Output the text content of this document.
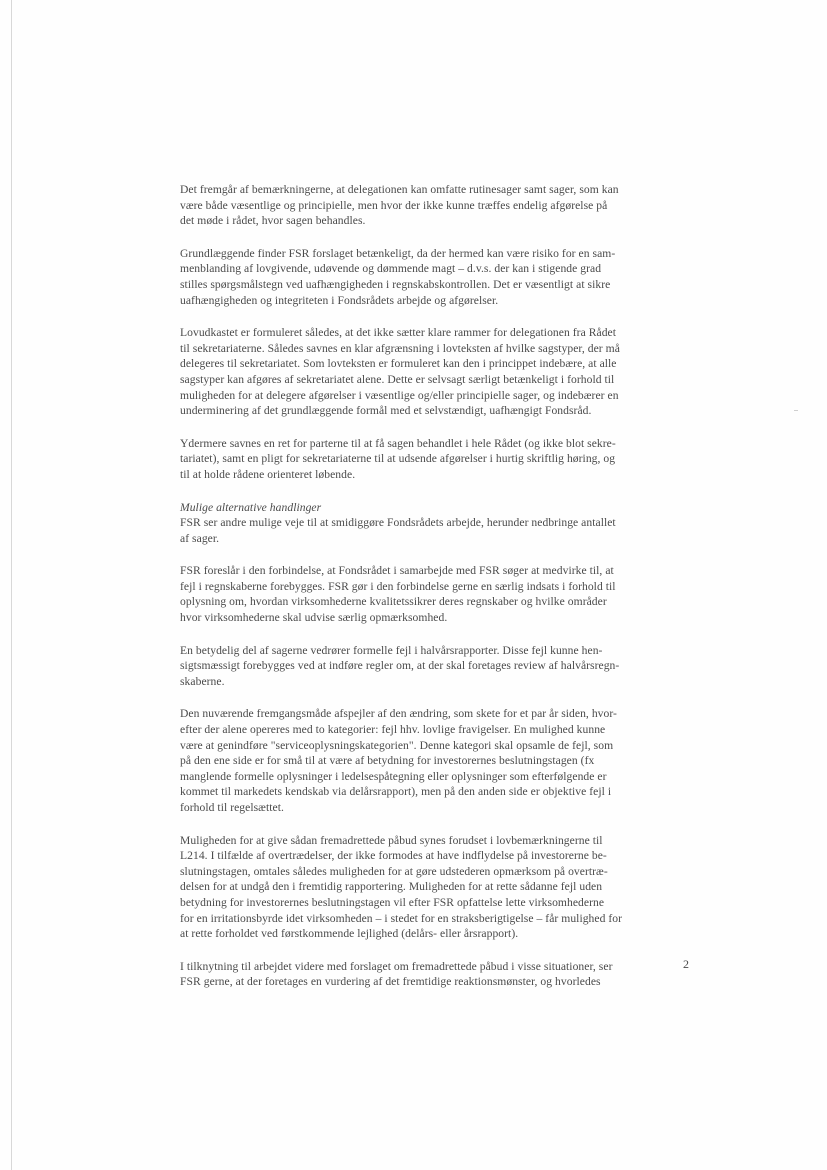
Det fremgår af bemærkningerne, at delegationen kan omfatte rutinesager samt sager, som kan
være både væsentlige og principielle, men hvor der ikke kunne træffes endelig afgørelse på
det møde i rådet, hvor sagen behandles.

Grundlæggende finder FSR forslaget betænkeligt, da der hermed kan være risiko for en sam-
menblanding af lovgivende, udøvende og dømmende magt – d.v.s. der kan i stigende grad
stilles spørgsmålstegn ved uafhængigheden i regnskabskontrollen. Det er væsentligt at sikre
uafhængigheden og integriteten i Fondsrådets arbejde og afgørelser.

Lovudkastet er formuleret således, at det ikke sætter klare rammer for delegationen fra Rådet
til sekretariaterne. Således savnes en klar afgrænsning i lovteksten af hvilke sagstyper, der må
delegeres til sekretariatet. Som lovteksten er formuleret kan den i princippet indebære, at alle
sagstyper kan afgøres af sekretariatet alene. Dette er selvsagt særligt betænkeligt i forhold til
muligheden for at delegere afgørelser i væsentlige og/eller principielle sager, og indebærer en
underminering af det grundlæggende formål med et selvstændigt, uafhængigt Fondsråd.

Ydermere savnes en ret for parterne til at få sagen behandlet i hele Rådet (og ikke blot sekre-
tariatet), samt en pligt for sekretariaterne til at udsende afgørelser i hurtig skriftlig høring, og
til at holde rådene orienteret løbende.

Mulige alternative handlinger
FSR ser andre mulige veje til at smidiggøre Fondsrådets arbejde, herunder nedbringe antallet
af sager.

FSR foreslår i den forbindelse, at Fondsrådet i samarbejde med FSR søger at medvirke til, at
fejl i regnskaberne forebygges. FSR gør i den forbindelse gerne en særlig indsats i forhold til
oplysning om, hvordan virksomhederne kvalitetssikrer deres regnskaber og hvilke områder
hvor virksomhederne skal udvise særlig opmærksomhed.

En betydelig del af sagerne vedrører formelle fejl i halvårsrapporter. Disse fejl kunne hen-
sigtsmæssigt forebygges ved at indføre regler om, at der skal foretages review af halvårsregn-
skaberne.

Den nuværende fremgangsmåde afspejler af den ændring, som skete for et par år siden, hvor-
efter der alene opereres med to kategorier: fejl hhv. lovlige fravigelser. En mulighed kunne
være at genindføre "serviceoplysningskategorien". Denne kategori skal opsamle de fejl, som
på den ene side er for små til at være af betydning for investorernes beslutningstagen (fx
manglende formelle oplysninger i ledelsespåtegning eller oplysninger som efterfølgende er
kommet til markedets kendskab via delårsrapport), men på den anden side er objektive fejl i
forhold til regelsættet.

Muligheden for at give sådan fremadrettede påbud synes forudset i lovbemærkningerne til
L214. I tilfælde af overtrædelser, der ikke formodes at have indflydelse på investorerne be-
slutningstagen, omtales således muligheden for at gøre udstederen opmærksom på overtræ-
delsen for at undgå den i fremtidig rapportering. Muligheden for at rette sådanne fejl uden
betydning for investorernes beslutningstagen vil efter FSR opfattelse lette virksomhederne
for en irritationsbyrde idet virksomheden – i stedet for en straksberigtigelse – får mulighed for
at rette forholdet ved førstkommende lejlighed (delårs- eller årsrapport).

I tilknytning til arbejdet videre med forslaget om fremadrettede påbud i visse situationer, ser
FSR gerne, at der foretages en vurdering af det fremtidige reaktionsmønster, og hvorledes

2
